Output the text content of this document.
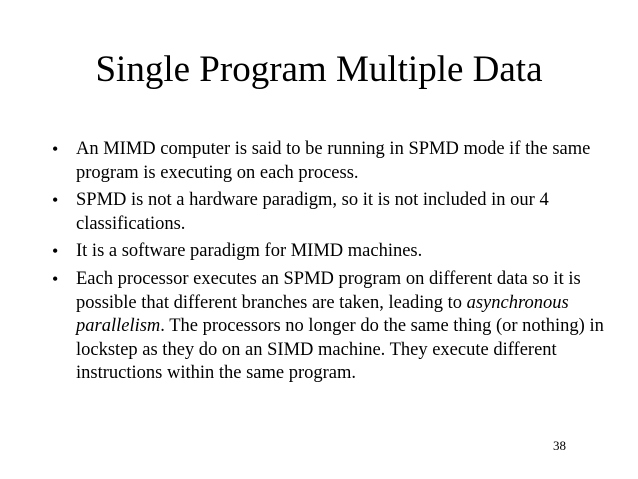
Single Program Multiple Data
• An MIMD computer is said to be running in SPMD mode if the same program is executing on each process.
• SPMD is not a hardware paradigm, so it is not included in our 4 classifications.
• It is a software paradigm for MIMD machines.
• Each processor executes an SPMD program on different data so it is possible that different branches are taken, leading to asynchronous parallelism. The processors no longer do the same thing (or nothing) in lockstep as they do on an SIMD machine. They execute different instructions within the same program.
38
